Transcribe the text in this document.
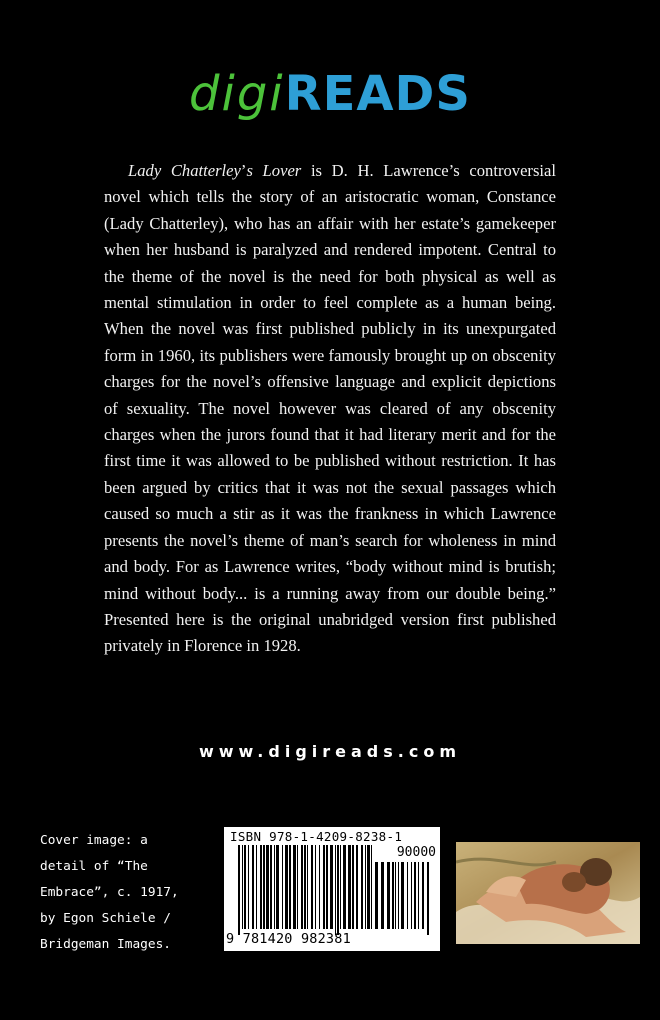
digiREADS

Lady Chatterley’s Lover is D. H. Lawrence’s controversial novel which tells the story of an aristocratic woman, Constance (Lady Chatterley), who has an affair with her estate’s gamekeeper when her husband is paralyzed and rendered impotent. Central to the theme of the novel is the need for both physical as well as mental stimulation in order to feel complete as a human being. When the novel was first published publicly in its unexpurgated form in 1960, its publishers were famously brought up on obscenity charges for the novel’s offensive language and explicit depictions of sexuality. The novel however was cleared of any obscenity charges when the jurors found that it had literary merit and for the first time it was allowed to be published without restriction. It has been argued by critics that it was not the sexual passages which caused so much a stir as it was the frankness in which Lawrence presents the novel’s theme of man’s search for wholeness in mind and body. For as Lawrence writes, “body without mind is brutish; mind without body... is a running away from our double being.” Presented here is the original unabridged version first published privately in Florence in 1928.

www.digireads.com
Cover image: a
detail of “The
Embrace”, c. 1917,
by Egon Schiele /
Bridgeman Images.
ISBN 978-1-4209-8238-1
90000
9 781420 982381
